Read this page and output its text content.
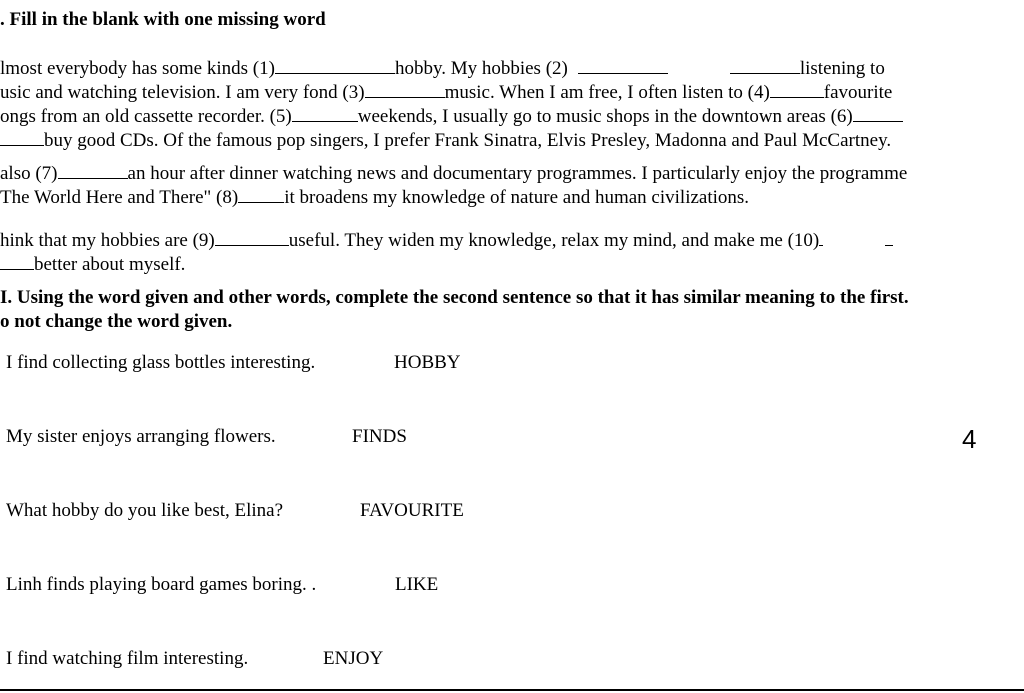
. Fill in the blank with one missing word
lmost everybody has some kinds (1)	hobby. My hobbies (2)	listening to
usic and watching television. I am very fond (3)	music. When I am free, I often listen to (4)	favourite
ongs from an old cassette recorder. (5)	weekends, I usually go to music shops in the downtown areas (6)
buy good CDs. Of the famous pop singers, I prefer Frank Sinatra, Elvis Presley, Madonna and Paul McCartney.
also (7)	an hour after dinner watching news and documentary programmes. I particularly enjoy the programme
The World Here and There" (8) it broadens my knowledge of nature and human civilizations.
hink that my hobbies are (9)	useful. They widen my knowledge, relax my mind, and make me (10)
better about myself.
I. Using the word given and other words, complete the second sentence so that it has similar meaning to the first.
o not change the word given.
I find collecting glass bottles interesting.	HOBBY
My sister enjoys arranging flowers.	FINDS
What hobby do you like best, Elina?	FAVOURITE
Linh finds playing board games boring. .	LIKE
I find watching film interesting.	ENJOY
4
